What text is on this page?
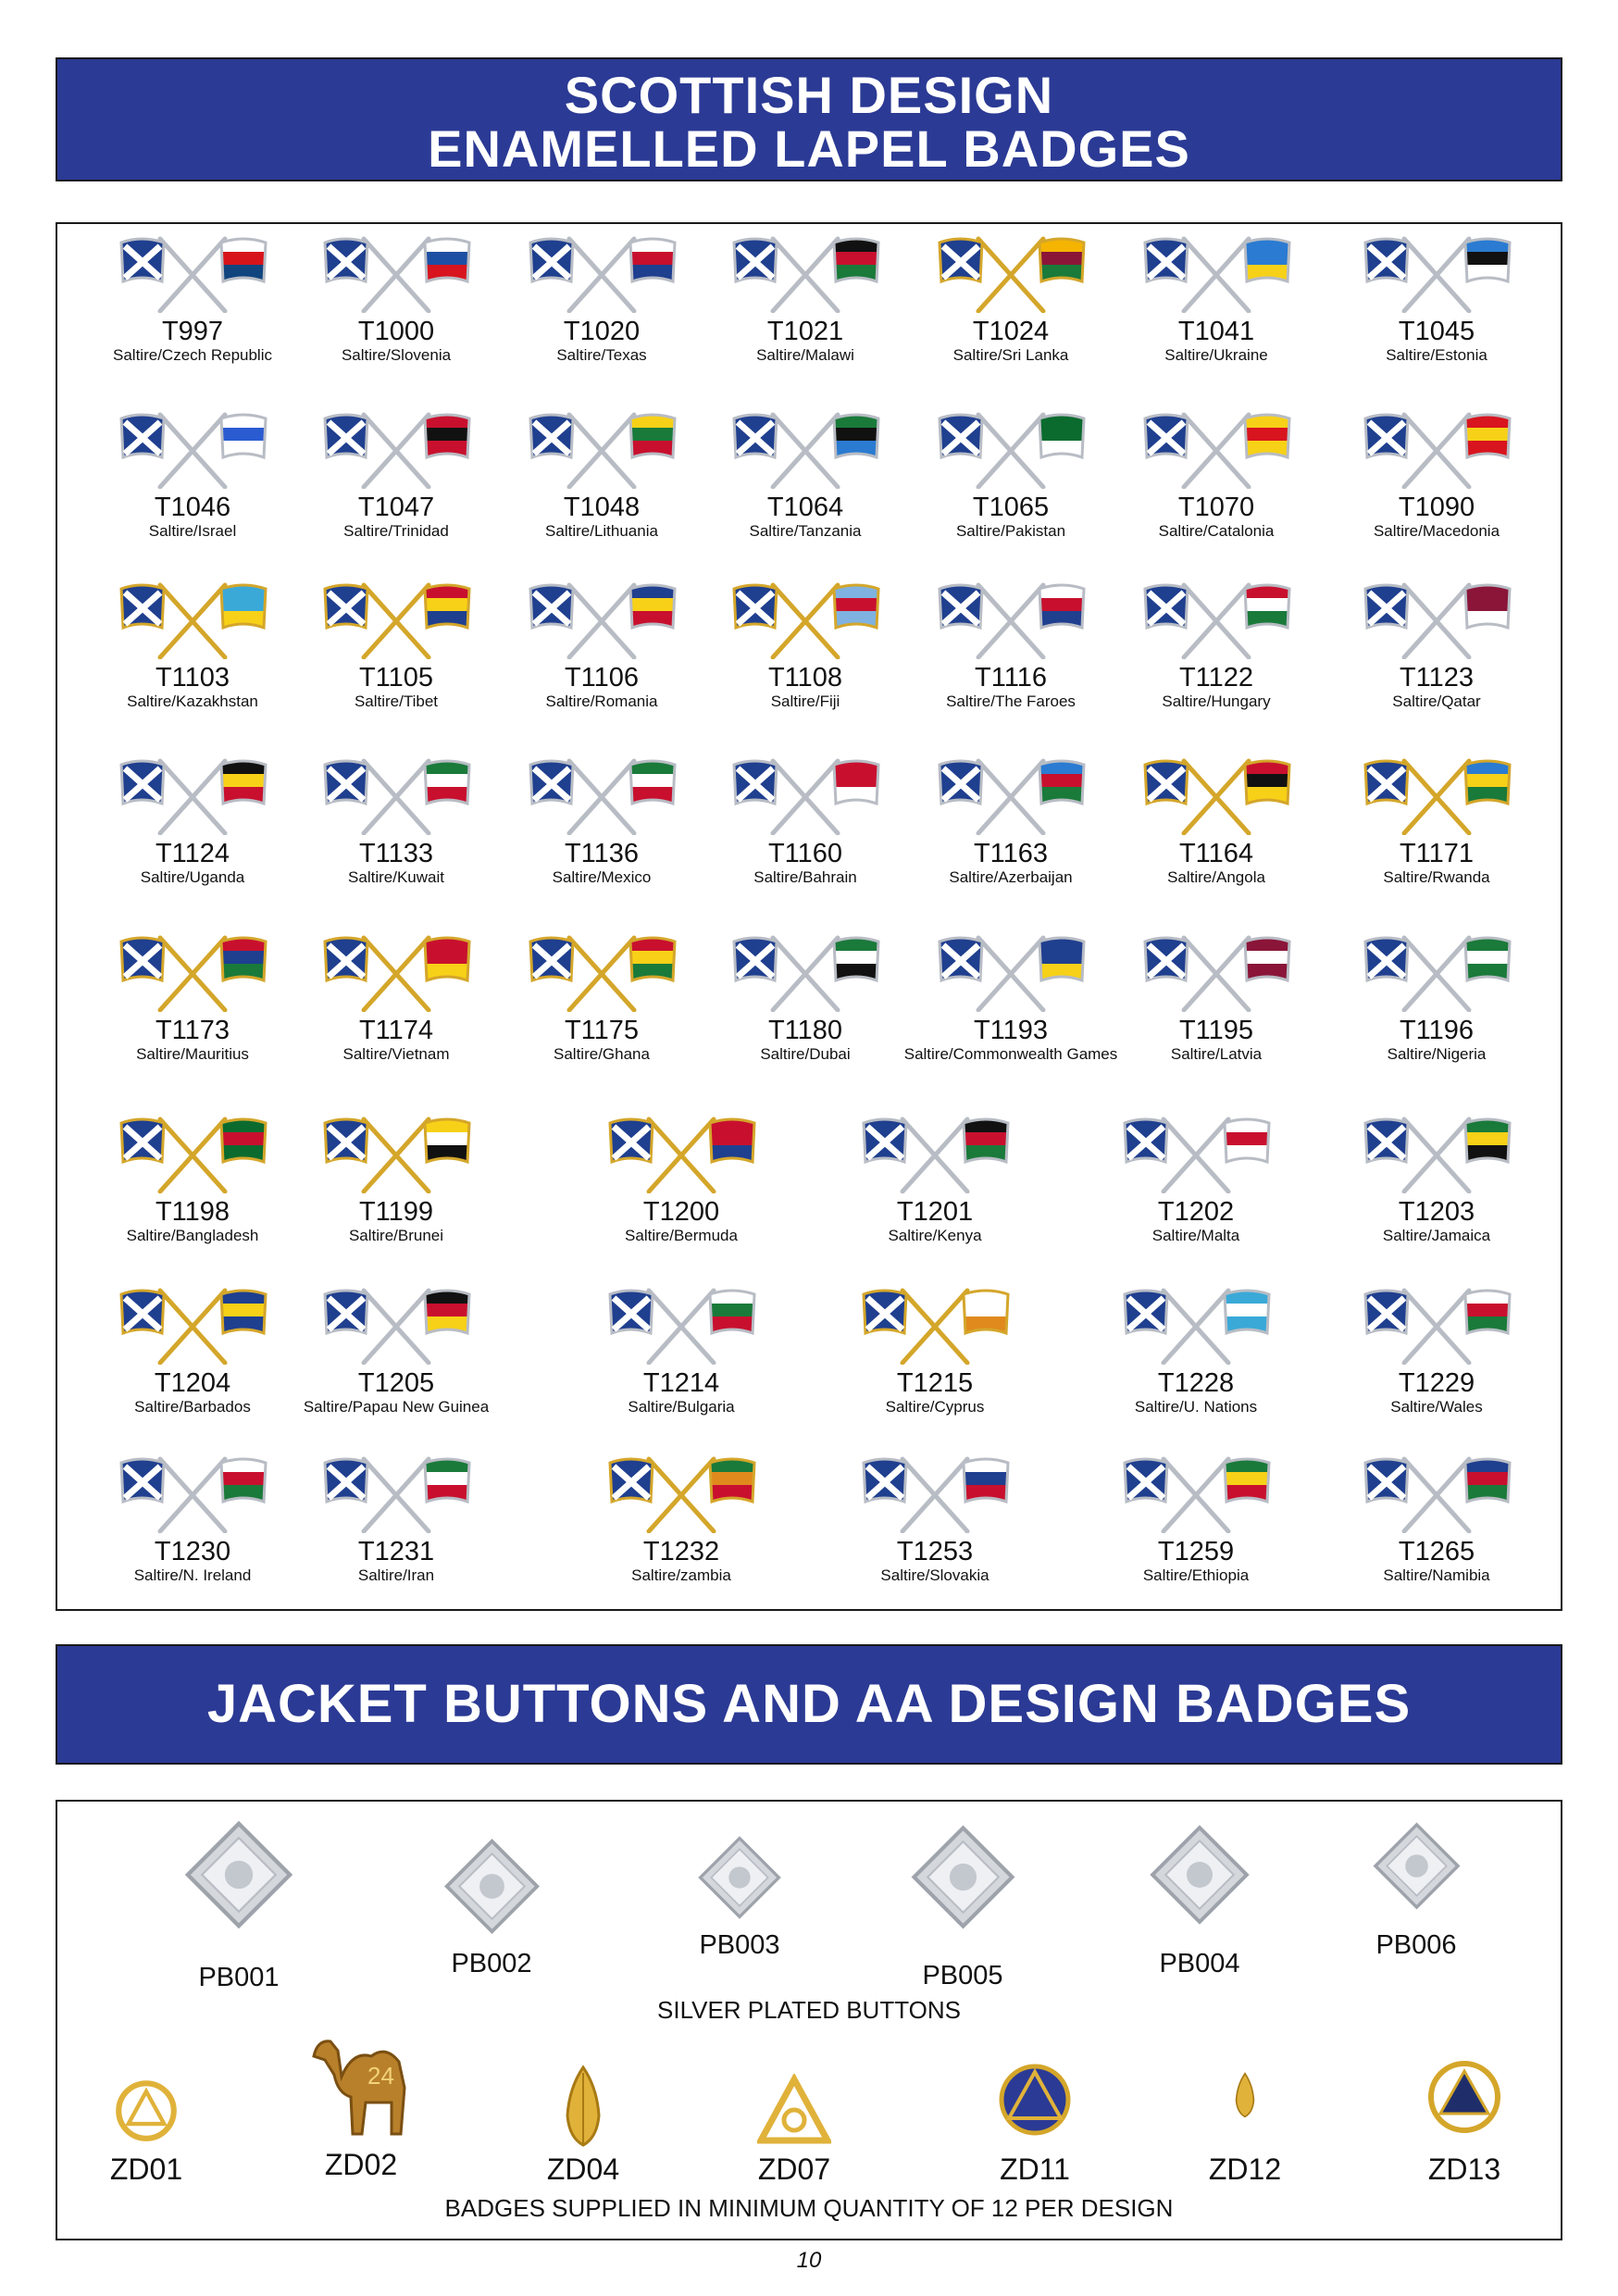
SCOTTISH DESIGN
ENAMELLED LAPEL BADGES
JACKET BUTTONS AND AA DESIGN BADGES
SILVER PLATED BUTTONS
BADGES SUPPLIED IN MINIMUM QUANTITY OF 12 PER DESIGN
10
T997
Saltire/Czech Republic
T1000
Saltire/Slovenia
T1020
Saltire/Texas
T1021
Saltire/Malawi
T1024
Saltire/Sri Lanka
T1041
Saltire/Ukraine
T1045
Saltire/Estonia
T1046
Saltire/Israel
T1047
Saltire/Trinidad
T1048
Saltire/Lithuania
T1064
Saltire/Tanzania
T1065
Saltire/Pakistan
T1070
Saltire/Catalonia
T1090
Saltire/Macedonia
T1103
Saltire/Kazakhstan
T1105
Saltire/Tibet
T1106
Saltire/Romania
T1108
Saltire/Fiji
T1116
Saltire/The Faroes
T1122
Saltire/Hungary
T1123
Saltire/Qatar
T1124
Saltire/Uganda
T1133
Saltire/Kuwait
T1136
Saltire/Mexico
T1160
Saltire/Bahrain
T1163
Saltire/Azerbaijan
T1164
Saltire/Angola
T1171
Saltire/Rwanda
T1173
Saltire/Mauritius
T1174
Saltire/Vietnam
T1175
Saltire/Ghana
T1180
Saltire/Dubai
T1193
Saltire/Commonwealth Games
T1195
Saltire/Latvia
T1196
Saltire/Nigeria
T1198
Saltire/Bangladesh
T1199
Saltire/Brunei
T1200
Saltire/Bermuda
T1201
Saltire/Kenya
T1202
Saltire/Malta
T1203
Saltire/Jamaica
T1204
Saltire/Barbados
T1205
Saltire/Papau New Guinea
T1214
Saltire/Bulgaria
T1215
Saltire/Cyprus
T1228
Saltire/U. Nations
T1229
Saltire/Wales
T1230
Saltire/N. Ireland
T1231
Saltire/Iran
T1232
Saltire/zambia
T1253
Saltire/Slovakia
T1259
Saltire/Ethiopia
T1265
Saltire/Namibia
PB001	PB002
PB003
PB005	PB004
PB006
ZD01
24
ZD02	ZD04	ZD07	ZD11	ZD12	ZD13
